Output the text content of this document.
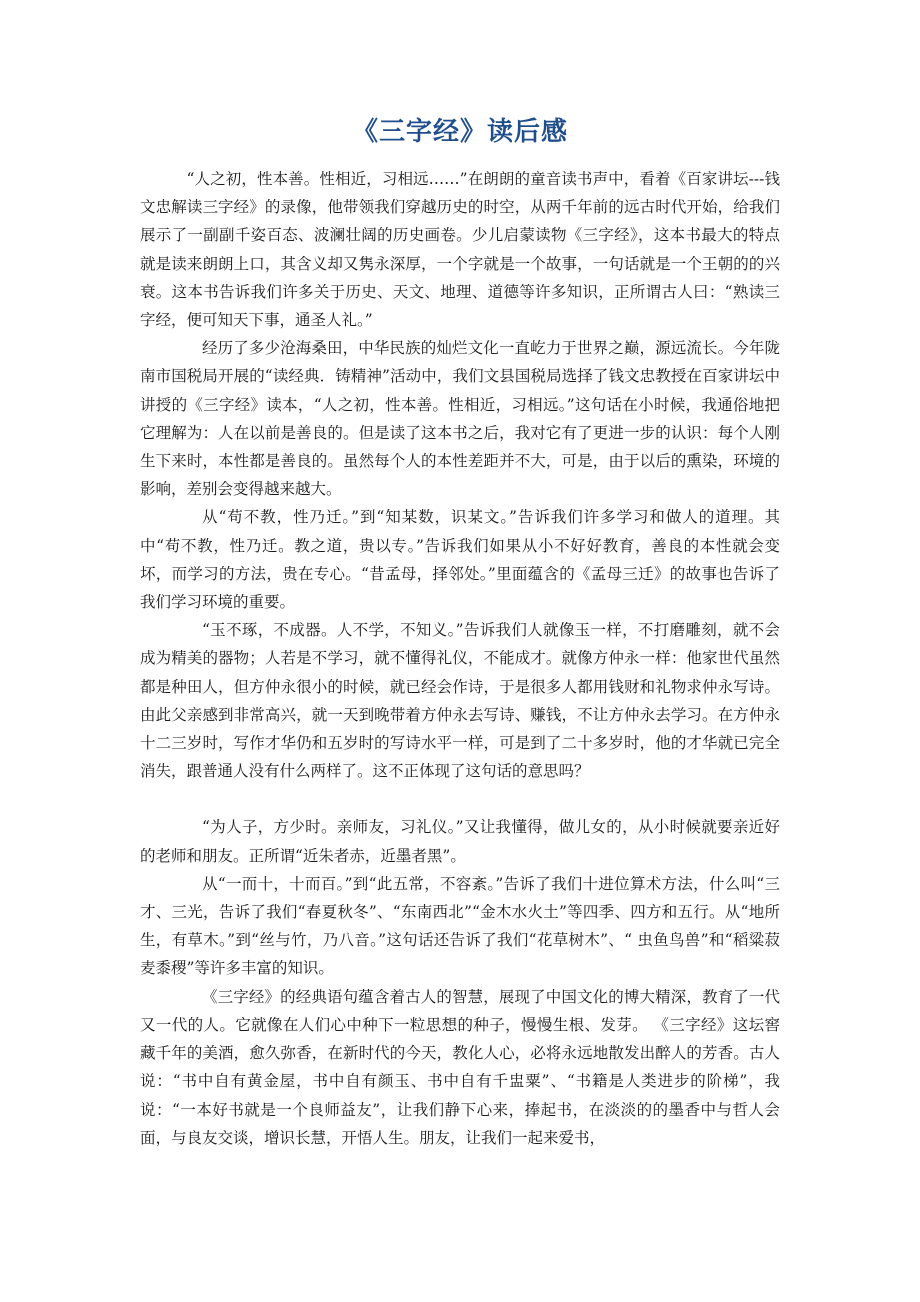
《三字经》读后感

“人之初，性本善。性相近，习相远……”在朗朗的童音读书声中，看着《百家讲坛---钱文忠解读三字经》的录像，他带领我们穿越历史的时空，从两千年前的远古时代开始，给我们展示了一副副千姿百态、波澜壮阔的历史画卷。少儿启蒙读物《三字经》，这本书最大的特点就是读来朗朗上口，其含义却又隽永深厚，一个字就是一个故事，一句话就是一个王朝的的兴衰。这本书告诉我们许多关于历史、天文、地理、道德等许多知识，正所谓古人曰：“熟读三字经，便可知天下事，通圣人礼。”

经历了多少沧海桑田，中华民族的灿烂文化一直屹力于世界之巅，源远流长。今年陇南市国税局开展的“读经典．铸精神”活动中，我们文县国税局选择了钱文忠教授在百家讲坛中讲授的《三字经》读本，“人之初，性本善。性相近，习相远。”这句话在小时候，我通俗地把它理解为：人在以前是善良的。但是读了这本书之后，我对它有了更进一步的认识：每个人刚生下来时，本性都是善良的。虽然每个人的本性差距并不大，可是，由于以后的熏染，环境的影响，差别会变得越来越大。

从“苟不教，性乃迁。”到“知某数，识某文。”告诉我们许多学习和做人的道理。其中“苟不教，性乃迁。教之道，贵以专。”告诉我们如果从小不好好教育，善良的本性就会变坏，而学习的方法，贵在专心。“昔孟母，择邻处。”里面蕴含的《孟母三迁》的故事也告诉了我们学习环境的重要。

“玉不琢，不成器。人不学，不知义。”告诉我们人就像玉一样，不打磨雕刻，就不会成为精美的器物；人若是不学习，就不懂得礼仪，不能成才。就像方仲永一样：他家世代虽然都是种田人，但方仲永很小的时候，就已经会作诗，于是很多人都用钱财和礼物求仲永写诗。由此父亲感到非常高兴，就一天到晚带着方仲永去写诗、赚钱，不让方仲永去学习。在方仲永十二三岁时，写作才华仍和五岁时的写诗水平一样，可是到了二十多岁时，他的才华就已完全消失，跟普通人没有什么两样了。这不正体现了这句话的意思吗？

“为人子，方少时。亲师友，习礼仪。”又让我懂得，做儿女的，从小时候就要亲近好的老师和朋友。正所谓“近朱者赤，近墨者黑”。

从“一而十，十而百。”到“此五常，不容紊。”告诉了我们十进位算术方法，什么叫“三才、三光，告诉了我们“春夏秋冬”、“东南西北”“金木水火土”等四季、四方和五行。从“地所生，有草木。”到“丝与竹，乃八音。”这句话还告诉了我们“花草树木”、“ 虫鱼鸟兽”和“稻粱菽麦黍稷”等许多丰富的知识。

《三字经》的经典语句蕴含着古人的智慧，展现了中国文化的博大精深，教育了一代又一代的人。它就像在人们心中种下一粒思想的种子，慢慢生根、发芽。 《三字经》这坛窖藏千年的美酒，愈久弥香，在新时代的今天，教化人心，必将永远地散发出醉人的芳香。古人说：“书中自有黄金屋，书中自有颜玉、书中自有千盅粟”、“书籍是人类进步的阶梯”，我说：“一本好书就是一个良师益友”，让我们静下心来，捧起书，在淡淡的的墨香中与哲人会面，与良友交谈，增识长慧，开悟人生。朋友，让我们一起来爱书，
